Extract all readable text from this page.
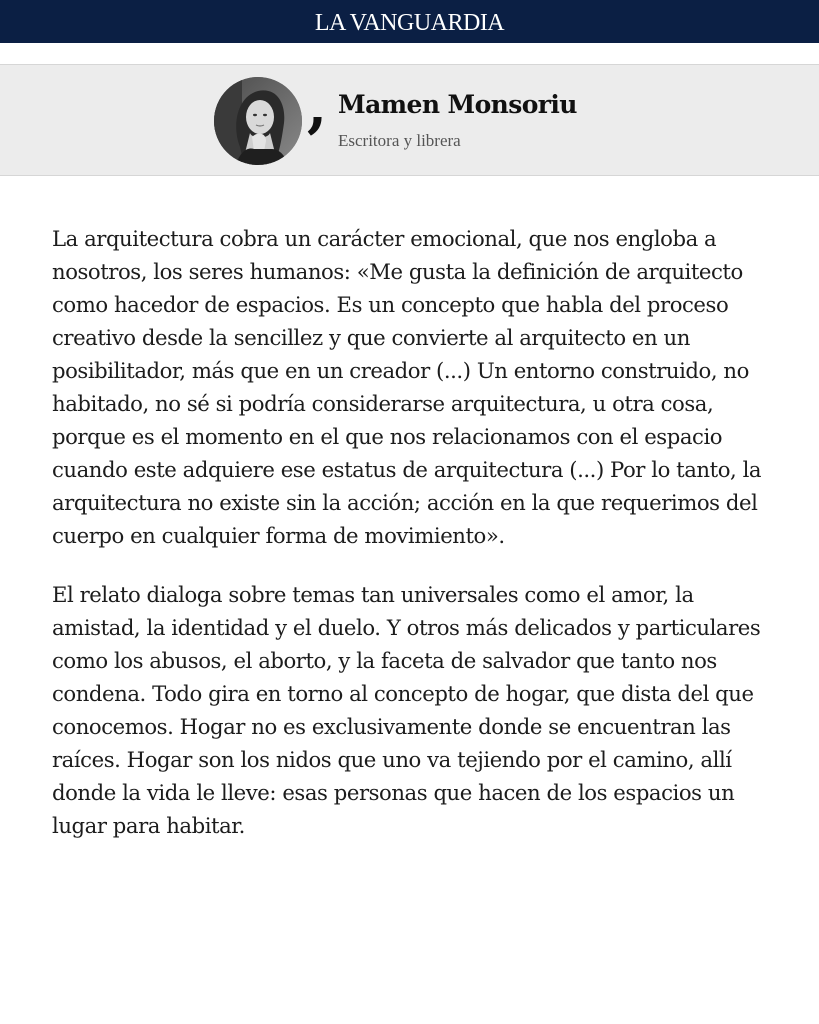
LA VANGUARDIA
, Mamen Monsoriu
Escritora y librera

La arquitectura cobra un carácter emocional, que nos engloba a nosotros, los seres humanos: «Me gusta la definición de arquitecto como hacedor de espacios. Es un concepto que habla del proceso creativo desde la sencillez y que convierte al arquitecto en un posibilitador, más que en un creador (...) Un entorno construido, no habitado, no sé si podría considerarse arquitectura, u otra cosa, porque es el momento en el que nos relacionamos con el espacio cuando este adquiere ese estatus de arquitectura (...) Por lo tanto, la arquitectura no existe sin la acción; acción en la que requerimos del cuerpo en cualquier forma de movimiento».

El relato dialoga sobre temas tan universales como el amor, la amistad, la identidad y el duelo. Y otros más delicados y particulares como los abusos, el aborto, y la faceta de salvador que tanto nos condena. Todo gira en torno al concepto de hogar, que dista del que conocemos. Hogar no es exclusivamente donde se encuentran las raíces. Hogar son los nidos que uno va tejiendo por el camino, allí donde la vida le lleve: esas personas que hacen de los espacios un lugar para habitar.
